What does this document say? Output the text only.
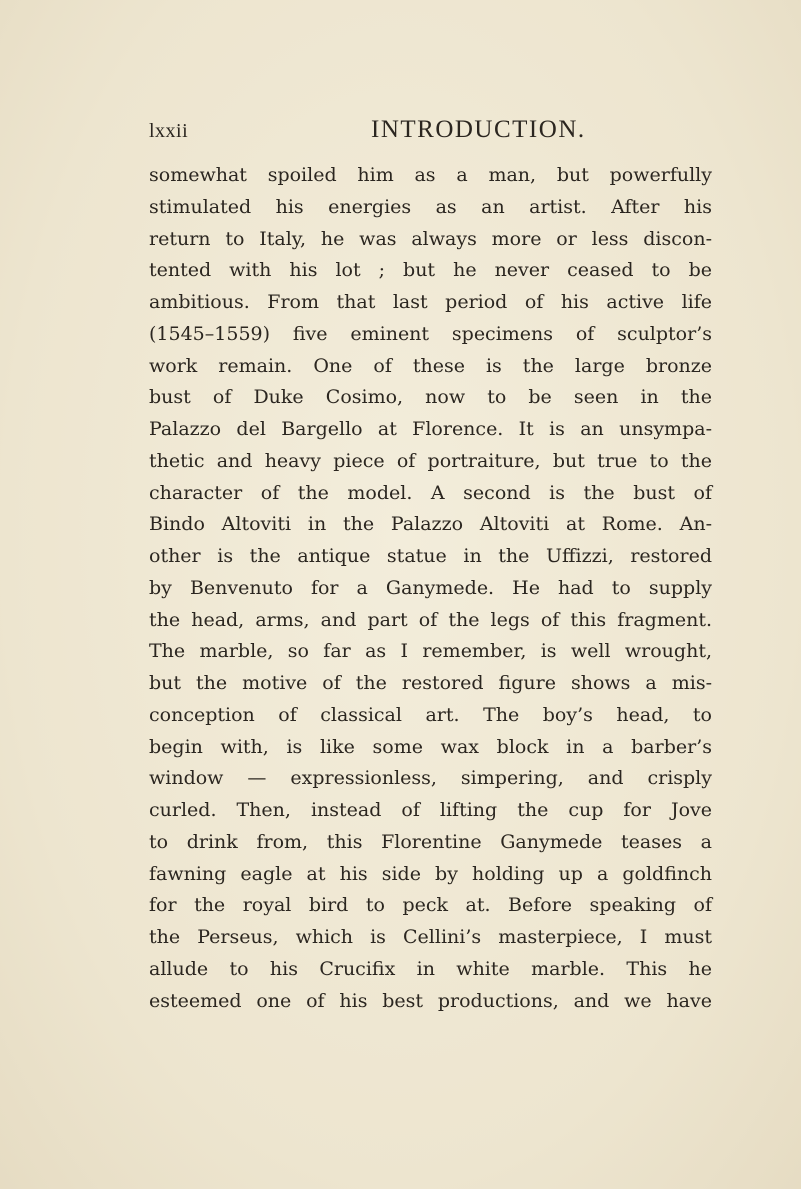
lxxii	INTRODUCTION.
somewhat spoiled him as a man, but powerfully
stimulated his energies as an artist. After his
return to Italy, he was always more or less discon-
tented with his lot ; but he never ceased to be
ambitious. From that last period of his active life
(1545–1559) five eminent specimens of sculptor’s
work remain. One of these is the large bronze
bust of Duke Cosimo, now to be seen in the
Palazzo del Bargello at Florence. It is an unsympa-
thetic and heavy piece of portraiture, but true to the
character of the model. A second is the bust of
Bindo Altoviti in the Palazzo Altoviti at Rome. An-
other is the antique statue in the Uffizzi, restored
by Benvenuto for a Ganymede. He had to supply
the head, arms, and part of the legs of this fragment.
The marble, so far as I remember, is well wrought,
but the motive of the restored figure shows a mis-
conception of classical art. The boy’s head, to
begin with, is like some wax block in a barber’s
window — expressionless, simpering, and crisply
curled. Then, instead of lifting the cup for Jove
to drink from, this Florentine Ganymede teases a
fawning eagle at his side by holding up a goldfinch
for the royal bird to peck at. Before speaking of
the Perseus, which is Cellini’s masterpiece, I must
allude to his Crucifix in white marble. This he
esteemed one of his best productions, and we have
